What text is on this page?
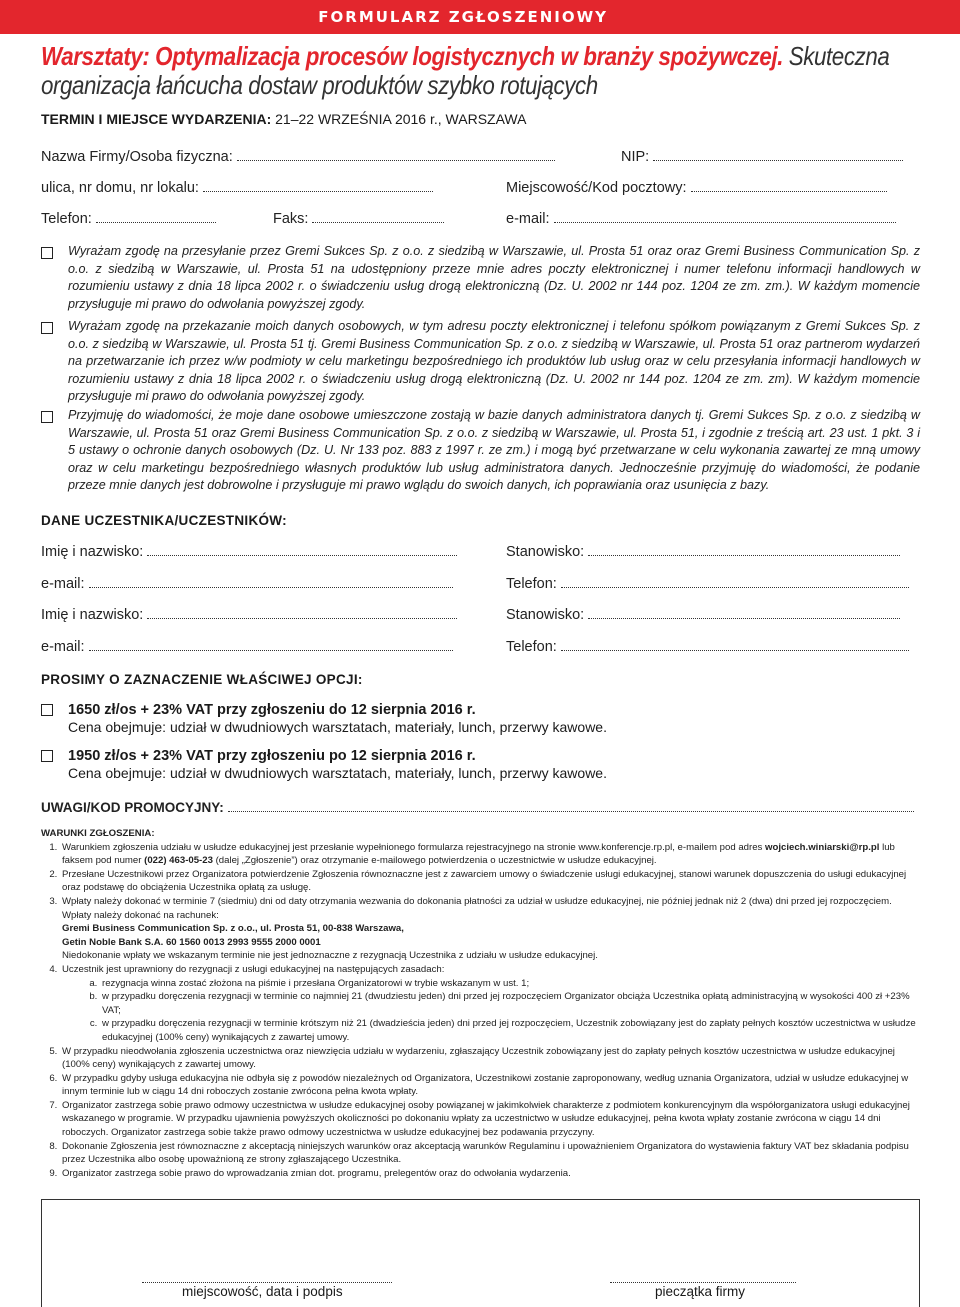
FORMULARZ ZGŁOSZENIOWY
Warsztaty: Optymalizacja procesów logistycznych w branży spożywczej. Skuteczna organizacja łańcucha dostaw produktów szybko rotujących
TERMIN I MIEJSCE WYDARZENIA: 21–22 WRZEŚNIA 2016 r., WARSZAWA
Nazwa Firmy/Osoba fizyczna:	NIP:
ulica, nr domu, nr lokalu:	Miejscowość/Kod pocztowy:
Telefon:	Faks:	e-mail:
Wyrażam zgodę na przesyłanie przez Gremi Sukces Sp. z o.o. z siedzibą w Warszawie, ul. Prosta 51 oraz oraz Gremi Business Communication Sp. z o.o. z siedzibą w Warszawie, ul. Prosta 51 na udostępniony przeze mnie adres poczty elektronicznej i numer telefonu informacji handlowych w rozumieniu ustawy z dnia 18 lipca 2002 r. o świadczeniu usług drogą elektroniczną (Dz. U. 2002 nr 144 poz. 1204 ze zm. zm.). W każdym momencie przysługuje mi prawo do odwołania powyższej zgody.
Wyrażam zgodę na przekazanie moich danych osobowych, w tym adresu poczty elektronicznej i telefonu spółkom powiązanym z Gremi Sukces Sp. z o.o. z siedzibą w Warszawie, ul. Prosta 51 tj. Gremi Business Communication Sp. z o.o. z siedzibą w Warszawie, ul. Prosta 51 oraz partnerom wydarzeń na przetwarzanie ich przez w/w podmioty w celu marketingu bezpośredniego ich produktów lub usług oraz w celu przesyłania informacji handlowych w rozumieniu ustawy z dnia 18 lipca 2002 r. o świadczeniu usług drogą elektroniczną (Dz. U. 2002 nr 144 poz. 1204 ze zm. zm). W każdym momencie przysługuje mi prawo do odwołania powyższej zgody.
Przyjmuję do wiadomości, że moje dane osobowe umieszczone zostają w bazie danych administratora danych tj. Gremi Sukces Sp. z o.o. z siedzibą w Warszawie, ul. Prosta 51 oraz Gremi Business Communication Sp. z o.o. z siedzibą w Warszawie, ul. Prosta 51, i zgodnie z treścią art. 23 ust. 1 pkt. 3 i 5 ustawy o ochronie danych osobowych (Dz. U. Nr 133 poz. 883 z 1997 r. ze zm.) i mogą być przetwarzane w celu wykonania zawartej ze mną umowy oraz w celu marketingu bezpośredniego własnych produktów lub usług administratora danych. Jednocześnie przyjmuję do wiadomości, że podanie przeze mnie danych jest dobrowolne i przysługuje mi prawo wglądu do swoich danych, ich poprawiania oraz usunięcia z bazy.
DANE UCZESTNIKA/UCZESTNIKÓW:
Imię i nazwisko:	Stanowisko:
e-mail:	Telefon:
Imię i nazwisko:	Stanowisko:
e-mail:	Telefon:
PROSIMY O ZAZNACZENIE WŁAŚCIWEJ OPCJI:
1650 zł/os + 23% VAT przy zgłoszeniu do 12 sierpnia 2016 r.
Cena obejmuje: udział w dwudniowych warsztatach, materiały, lunch, przerwy kawowe.
1950 zł/os + 23% VAT przy zgłoszeniu po 12 sierpnia 2016 r.
Cena obejmuje: udział w dwudniowych warsztatach, materiały, lunch, przerwy kawowe.
UWAGI/KOD PROMOCYJNY:
WARUNKI ZGŁOSZENIA:
1. Warunkiem zgłoszenia udziału w usłudze edukacyjnej jest przesłanie wypełnionego formularza rejestracyjnego na stronie www.konferencje.rp.pl, e-mailem pod adres wojciech.winiarski@rp.pl lub faksem pod numer (022) 463-05-23 (dalej „Zgłoszenie”) oraz otrzymanie e-mailowego potwierdzenia o uczestnictwie w usłudze edukacyjnej.
2. Przesłane Uczestnikowi przez Organizatora potwierdzenie Zgłoszenia równoznaczne jest z zawarciem umowy o świadczenie usługi edukacyjnej, stanowi warunek dopuszczenia do usługi edukacyjnej oraz podstawę do obciążenia Uczestnika opłatą za usługę.
3. Wpłaty należy dokonać w terminie 7 (siedmiu) dni od daty otrzymania wezwania do dokonania płatności za udział w usłudze edukacyjnej, nie później jednak niż 2 (dwa) dni przed jej rozpoczęciem. Wpłaty należy dokonać na rachunek:
Gremi Business Communication Sp. z o.o., ul. Prosta 51, 00-838 Warszawa,
Getin Noble Bank S.A. 60 1560 0013 2993 9555 2000 0001
Niedokonanie wpłaty we wskazanym terminie nie jest jednoznaczne z rezygnacją Uczestnika z udziału w usłudze edukacyjnej.
4. Uczestnik jest uprawniony do rezygnacji z usługi edukacyjnej na następujących zasadach:
a. rezygnacja winna zostać złożona na piśmie i przesłana Organizatorowi w trybie wskazanym w ust. 1;
b. w przypadku doręczenia rezygnacji w terminie co najmniej 21 (dwudziestu jeden) dni przed jej rozpoczęciem Organizator obciąża Uczestnika opłatą administracyjną w wysokości 400 zł +23% VAT;
c. w przypadku doręczenia rezygnacji w terminie krótszym niż 21 (dwadzieścia jeden) dni przed jej rozpoczęciem, Uczestnik zobowiązany jest do zapłaty pełnych kosztów uczestnictwa w usłudze edukacyjnej (100% ceny) wynikających z zawartej umowy.
5. W przypadku nieodwołania zgłoszenia uczestnictwa oraz niewzięcia udziału w wydarzeniu, zgłaszający Uczestnik zobowiązany jest do zapłaty pełnych kosztów uczestnictwa w usłudze edukacyjnej (100% ceny) wynikających z zawartej umowy.
6. W przypadku gdyby usługa edukacyjna nie odbyła się z powodów niezależnych od Organizatora, Uczestnikowi zostanie zaproponowany, według uznania Organizatora, udział w usłudze edukacyjnej w innym terminie lub w ciągu 14 dni roboczych zostanie zwrócona pełna kwota wpłaty.
7. Organizator zastrzega sobie prawo odmowy uczestnictwa w usłudze edukacyjnej osoby powiązanej w jakimkolwiek charakterze z podmiotem konkurencyjnym dla współorganizatora usługi edukacyjnej wskazanego w programie. W przypadku ujawnienia powyższych okoliczności po dokonaniu wpłaty za uczestnictwo w usłudze edukacyjnej, pełna kwota wpłaty zostanie zwrócona w ciągu 14 dni roboczych. Organizator zastrzega sobie także prawo odmowy uczestnictwa w usłudze edukacyjnej bez podawania przyczyny.
8. Dokonanie Zgłoszenia jest równoznaczne z akceptacją niniejszych warunków oraz akceptacją warunków Regulaminu i upoważnieniem Organizatora do wystawienia faktury VAT bez składania podpisu przez Uczestnika albo osobę upoważnioną ze strony zgłaszającego Uczestnika.
9. Organizator zastrzega sobie prawo do wprowadzania zmian dot. programu, prelegentów oraz do odwołania wydarzenia.
miejscowość, data i podpis	pieczątka firmy
